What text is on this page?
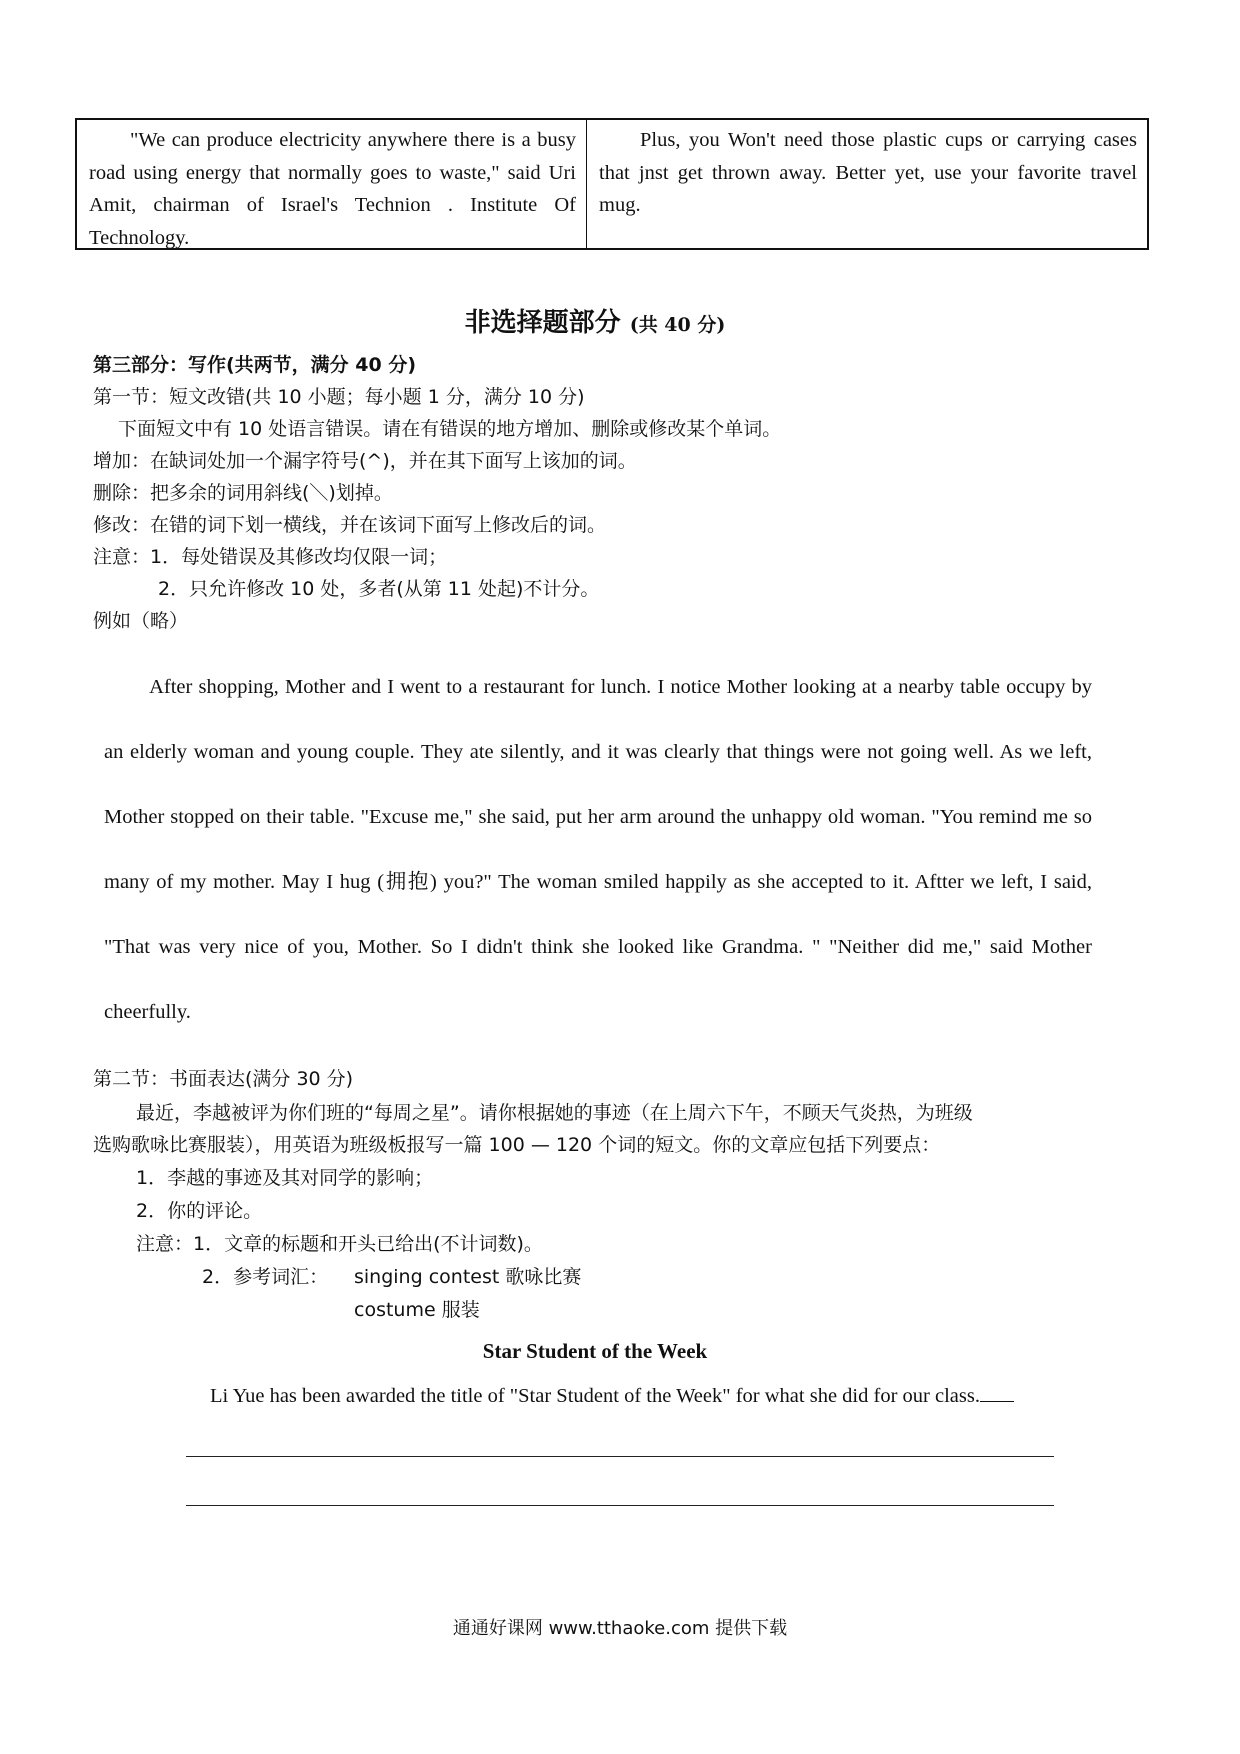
"We can produce electricity anywhere there is a busy road using energy that normally goes to waste," said Uri Amit, chairman of Israel's Technion . Institute Of Technology.
Plus, you Won't need those plastic cups or carrying cases that jnst get thrown away. Better yet, use your favorite travel mug.
非选择题部分 (共 40 分)
第三部分：写作(共两节，满分 40 分)
第一节：短文改错(共 10 小题；每小题 1 分，满分 10 分)
下面短文中有 10 处语言错误。请在有错误的地方增加、删除或修改某个单词。
增加：在缺词处加一个漏字符号(^)，并在其下面写上该加的词。
删除：把多余的词用斜线(＼)划掉。
修改：在错的词下划一横线，并在该词下面写上修改后的词。
注意：1．每处错误及其修改均仅限一词；
2．只允许修改 10 处，多者(从第 11 处起)不计分。
例如（略）

After shopping, Mother and I went to a restaurant for lunch. I notice Mother looking at a nearby table occupy by an elderly woman and young couple. They ate silently, and it was clearly that things were not going well. As we left, Mother stopped on their table. "Excuse me," she said, put her arm around the unhappy old woman. "You remind me so many of my mother. May I hug (拥抱) you?" The woman smiled happily as she accepted to it. Aftter we left, I said, "That was very nice of you, Mother. So I didn't think she looked like Grandma. " "Neither did me," said Mother cheerfully.

第二节：书面表达(满分 30 分)
最近，李越被评为你们班的“每周之星”。请你根据她的事迹（在上周六下午，不顾天气炎热，为班级
选购歌咏比赛服装），用英语为班级板报写一篇 100 — 120 个词的短文。你的文章应包括下列要点：
1．李越的事迹及其对同学的影响；
2．你的评论。
注意：1．文章的标题和开头已给出(不计词数)。
2．参考词汇： singing contest 歌咏比赛
costume 服装
Star Student of the Week
Li Yue has been awarded the title of "Star Student of the Week" for what she did for our class.
通通好课网 www.tthaoke.com 提供下载
